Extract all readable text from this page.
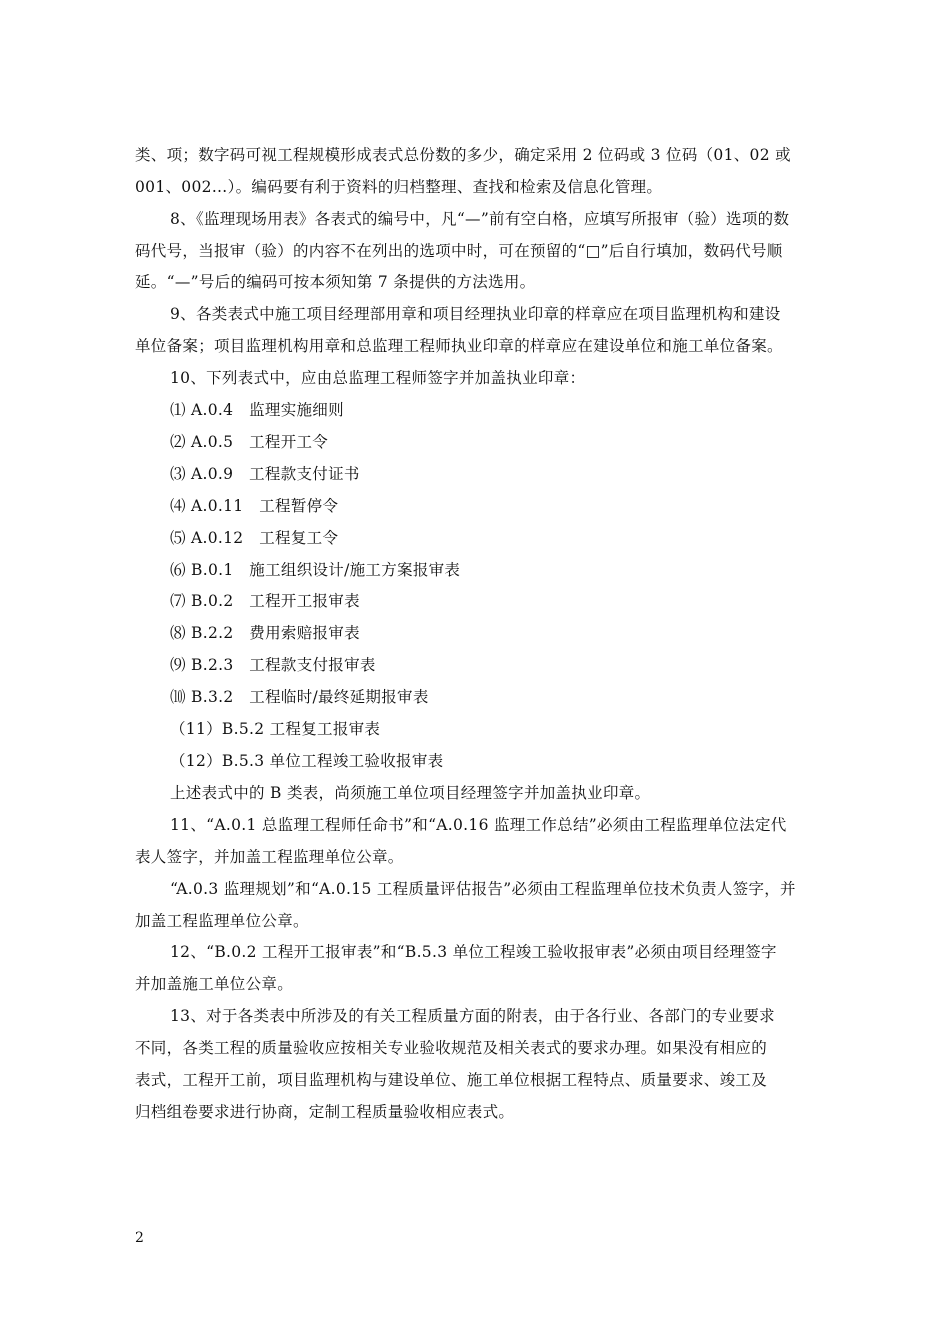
类、项；数字码可视工程规模形成表式总份数的多少，确定采用 2 位码或 3 位码（01、02 或
001、002…）。编码要有利于资料的归档整理、查找和检索及信息化管理。
8、《监理现场用表》各表式的编号中，凡“—”前有空白格，应填写所报审（验）选项的数
码代号，当报审（验）的内容不在列出的选项中时，可在预留的“□”后自行填加，数码代号顺
延。“—”号后的编码可按本须知第 7 条提供的方法选用。
9、各类表式中施工项目经理部用章和项目经理执业印章的样章应在项目监理机构和建设
单位备案；项目监理机构用章和总监理工程师执业印章的样章应在建设单位和施工单位备案。
10、下列表式中，应由总监理工程师签字并加盖执业印章：
⑴ A.0.4　监理实施细则
⑵ A.0.5　工程开工令
⑶ A.0.9　工程款支付证书
⑷ A.0.11　工程暂停令
⑸ A.0.12　工程复工令
⑹ B.0.1　施工组织设计/施工方案报审表
⑺ B.0.2　工程开工报审表
⑻ B.2.2　费用索赔报审表
⑼ B.2.3　工程款支付报审表
⑽ B.3.2　工程临时/最终延期报审表
（11）B.5.2 工程复工报审表
（12）B.5.3 单位工程竣工验收报审表
上述表式中的 B 类表，尚须施工单位项目经理签字并加盖执业印章。
11、“A.0.1 总监理工程师任命书”和“A.0.16 监理工作总结”必须由工程监理单位法定代
表人签字，并加盖工程监理单位公章。
“A.0.3 监理规划”和“A.0.15 工程质量评估报告”必须由工程监理单位技术负责人签字，并
加盖工程监理单位公章。
12、“B.0.2 工程开工报审表”和“B.5.3 单位工程竣工验收报审表”必须由项目经理签字
并加盖施工单位公章。
13、对于各类表中所涉及的有关工程质量方面的附表，由于各行业、各部门的专业要求
不同，各类工程的质量验收应按相关专业验收规范及相关表式的要求办理。如果没有相应的
表式，工程开工前，项目监理机构与建设单位、施工单位根据工程特点、质量要求、竣工及
归档组卷要求进行协商，定制工程质量验收相应表式。
2
